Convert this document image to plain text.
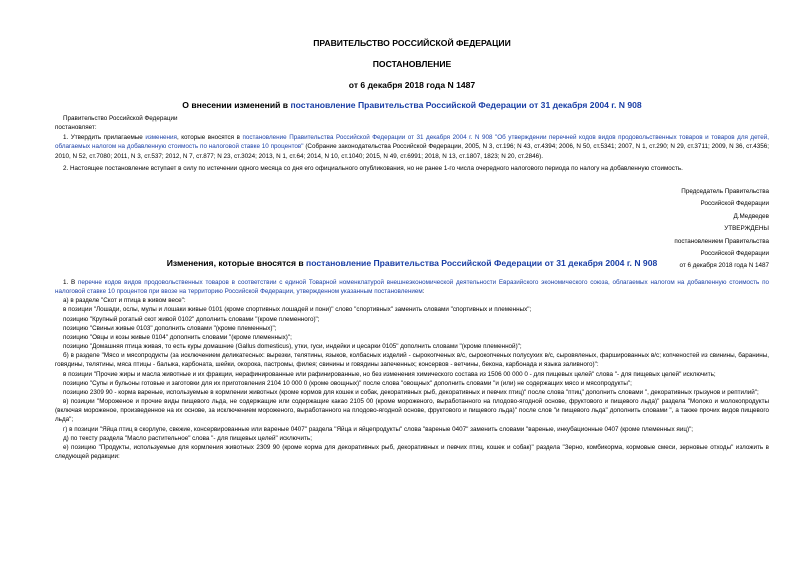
ПРАВИТЕЛЬСТВО РОССИЙСКОЙ ФЕДЕРАЦИИ
ПОСТАНОВЛЕНИЕ
от 6 декабря 2018 года N 1487
О внесении изменений в постановление Правительства Российской Федерации от 31 декабря 2004 г. N 908
Правительство Российской Федерации
постановляет:
1. Утвердить прилагаемые изменения, которые вносятся в постановление Правительства Российской Федерации от 31 декабря 2004 г. N 908 "Об утверждении перечней кодов видов продовольственных товаров и товаров для детей, облагаемых налогом на добавленную стоимость по налоговой ставке 10 процентов" (Собрание законодательства Российской Федерации, 2005, N 3, ст.196; N 43, ст.4394; 2006, N 50, ст.5341; 2007, N 1, ст.290; N 29, ст.3711; 2009, N 36, ст.4356; 2010, N 52, ст.7080; 2011, N 3, ст.537; 2012, N 7, ст.877; N 23, ст.3024; 2013, N 1, ст.64; 2014, N 10, ст.1040; 2015, N 49, ст.6991; 2018, N 13, ст.1807, 1823; N 20, ст.2846).
2. Настоящее постановление вступает в силу по истечении одного месяца со дня его официального опубликования, но не ранее 1-го числа очередного налогового периода по налогу на добавленную стоимость.
Председатель Правительства
Российской Федерации
Д.Медведев
УТВЕРЖДЕНЫ
постановлением Правительства
Российской Федерации
от 6 декабря 2018 года N 1487
Изменения, которые вносятся в постановление Правительства Российской Федерации от 31 декабря 2004 г. N 908
1. В перечне кодов видов продовольственных товаров в соответствии с единой Товарной номенклатурой внешнеэкономической деятельности Евразийского экономического союза, облагаемых налогом на добавленную стоимость по налоговой ставке 10 процентов при ввозе на территорию Российской Федерации, утвержденном указанным постановлением:
а) в разделе "Скот и птица в живом весе":
в позиции "Лошади, ослы, мулы и лошаки живые 0101 (кроме спортивных лошадей и пони)" слово "спортивных" заменить словами "спортивных и племенных";
позицию "Крупный рогатый скот живой 0102" дополнить словами "(кроме племенного)";
позицию "Свиньи живые 0103" дополнить словами "(кроме племенных)";
позицию "Овцы и козы живые 0104" дополнить словами "(кроме племенных)";
позицию "Домашняя птица живая, то есть куры домашние (Gallus domesticus), утки, гуси, индейки и цесарки 0105" дополнить словами "(кроме племенной)";
б) в разделе "Мясо и мясопродукты (за исключением деликатесных: вырезки, телятины, языков, колбасных изделий - сырокопченых в/с, сырокопченых полусухих в/с, сыровяленых, фаршированных в/с; копченостей из свинины, баранины, говядины, телятины, мяса птицы - балыка, карбоната, шейки, окорока, пастромы, филея; свинины и говядины запеченных; консервов - ветчины, бекона, карбонада и языка заливного)":
в позиции "Прочие жиры и масла животные и их фракции, нерафинированные или рафинированные, но без изменения химического состава из 1506 00 000 0 - для пищевых целей" слова "- для пищевых целей" исключить;
позицию "Супы и бульоны готовые и заготовки для их приготовления 2104 10 000 0 (кроме овощных)" после слова "овощных" дополнить словами "и (или) не содержащих мясо и мясопродукты";
позицию 2309 90 - корма вареные, используемые в кормлении животных (кроме кормов для кошек и собак, декоративных рыб, декоративных и певчих птиц)" после слова "птиц" дополнить словами ", декоративных грызунов и рептилий";
в) позиции "Мороженое и прочие виды пищевого льда, не содержащие или содержащие какао 2105 00 (кроме мороженого, выработанного на плодово-ягодной основе, фруктового и пищевого льда)" раздела "Молоко и молокопродукты (включая мороженое, произведенное на их основе, за исключением мороженого, выработанного на плодово-ягодной основе, фруктового и пищевого льда)" после слов "и пищевого льда" дополнить словами ", а также прочих видов пищевого льда";
г) в позиции "Яйца птиц в скорлупе, свежие, консервированные или вареные 0407" раздела "Яйца и яйцепродукты" слова "вареные 0407" заменить словами "вареные, инкубационные 0407 (кроме племенных яиц)";
д) по тексту раздела "Масло растительное" слова "- для пищевых целей" исключить;
е) позицию "Продукты, используемые для кормления животных 2309 90 (кроме корма для декоративных рыб, декоративных и певчих птиц, кошек и собак)" раздела "Зерно, комбикорма, кормовые смеси, зерновые отходы" изложить в следующей редакции:
